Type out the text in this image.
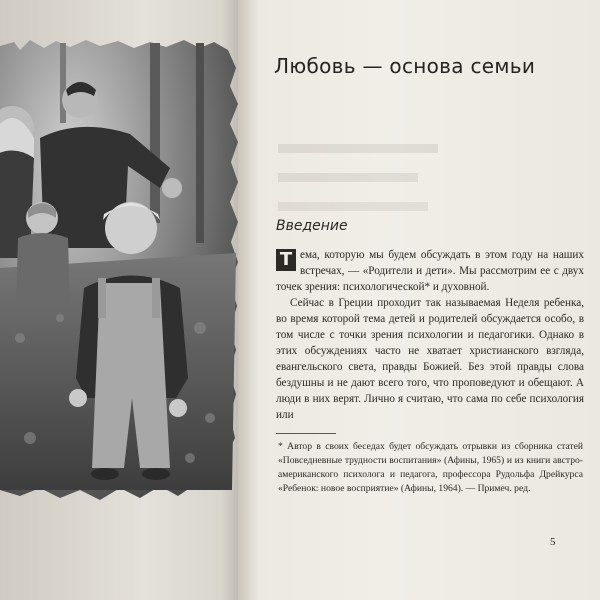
Любовь — основа семьи
Введение

Т ема, которую мы будем обсуждать в этом году на наших встречах, — «Родители и дети». Мы рассмотрим ее с двух точек зрения: психологической* и духовной.

Сейчас в Греции проходит так называемая Неделя ребенка, во время которой тема детей и родителей обсуждается особо, в том числе с точки зрения психологии и педагогики. Однако в этих обсуждениях часто не хватает христианского взгляда, евангельского света, правды Божией. Без этой правды слова бездушны и не дают всего того, что проповедуют и обещают. А люди в них верят. Лично я считаю, что сама по себе психология или

* Автор в своих беседах будет обсуждать отрывки из сборника статей «Повседневные трудности воспитания» (Афины, 1965) и из книги австро-американского психолога и педагога, профессора Рудольфа Дрейкурса «Ребенок: новое восприятие» (Афины, 1964). — Примеч. ред.
5
